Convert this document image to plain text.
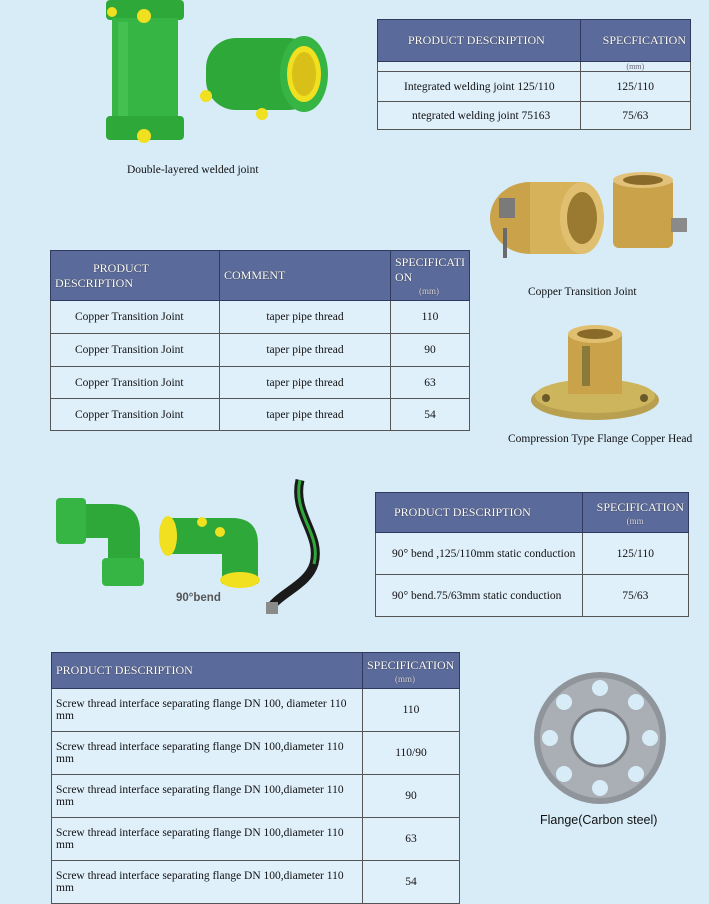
Double-layered welded joint
PRODUCT DESCRIPTION	SPECFICATION
	(mm)
Integrated welding joint 125/110	125/110
ntegrated welding joint 75163	75/63
PRODUCT DESCRIPTION	COMMENT	SPECIFICATI ON
(mm)

Copper Transition Joint	taper pipe thread	110
Copper Transition Joint	taper pipe thread	90
Copper Transition Joint	taper pipe thread	63
Copper Transition Joint	taper pipe thread	54
Copper Transition Joint
Compression Type Flange Copper Head
90°bend
PRODUCT DESCRIPTION	SPECIFICATION
(mm

90° bend ,125/110mm static conduction	125/110
90° bend.75/63mm static conduction	75/63
PRODUCT DESCRIPTION	SPECIFICATION
(mm)

Screw thread interface separating flange DN 100, diameter 110 mm	110
Screw thread interface separating flange DN 100,diameter 110 mm	110/90
Screw thread interface separating flange DN 100,diameter 110 mm	90
Screw thread interface separating flange DN 100,diameter 110 mm	63
Screw thread interface separating flange DN 100,diameter 110 mm	54
Flange(Carbon steel)
